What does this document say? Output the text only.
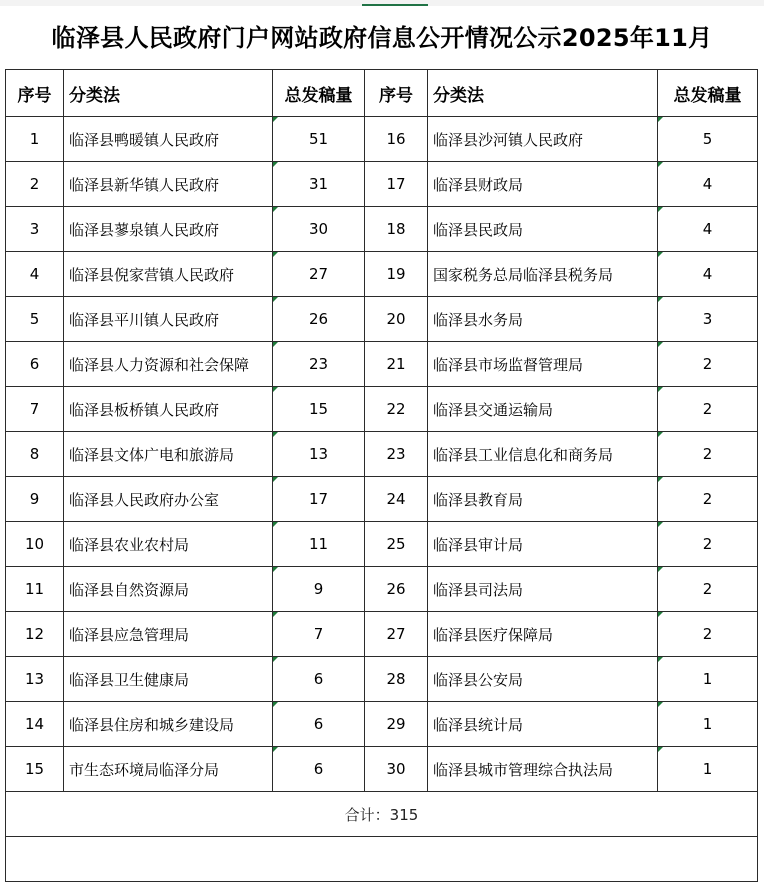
临泽县人民政府门户网站政府信息公开情况公示2025年11月
序号	分类法	总发稿量	序号	分类法	总发稿量
1	临泽县鸭暖镇人民政府	51	16	临泽县沙河镇人民政府	5
2	临泽县新华镇人民政府	31	17	临泽县财政局	4
3	临泽县蓼泉镇人民政府	30	18	临泽县民政局	4
4	临泽县倪家营镇人民政府	27	19	国家税务总局临泽县税务局	4
5	临泽县平川镇人民政府	26	20	临泽县水务局	3
6	临泽县人力资源和社会保障	23	21	临泽县市场监督管理局	2
7	临泽县板桥镇人民政府	15	22	临泽县交通运输局	2
8	临泽县文体广电和旅游局	13	23	临泽县工业信息化和商务局	2
9	临泽县人民政府办公室	17	24	临泽县教育局	2
10	临泽县农业农村局	11	25	临泽县审计局	2
11	临泽县自然资源局	9	26	临泽县司法局	2
12	临泽县应急管理局	7	27	临泽县医疗保障局	2
13	临泽县卫生健康局	6	28	临泽县公安局	1
14	临泽县住房和城乡建设局	6	29	临泽县统计局	1
15	市生态环境局临泽分局	6	30	临泽县城市管理综合执法局	1
合计：315					
